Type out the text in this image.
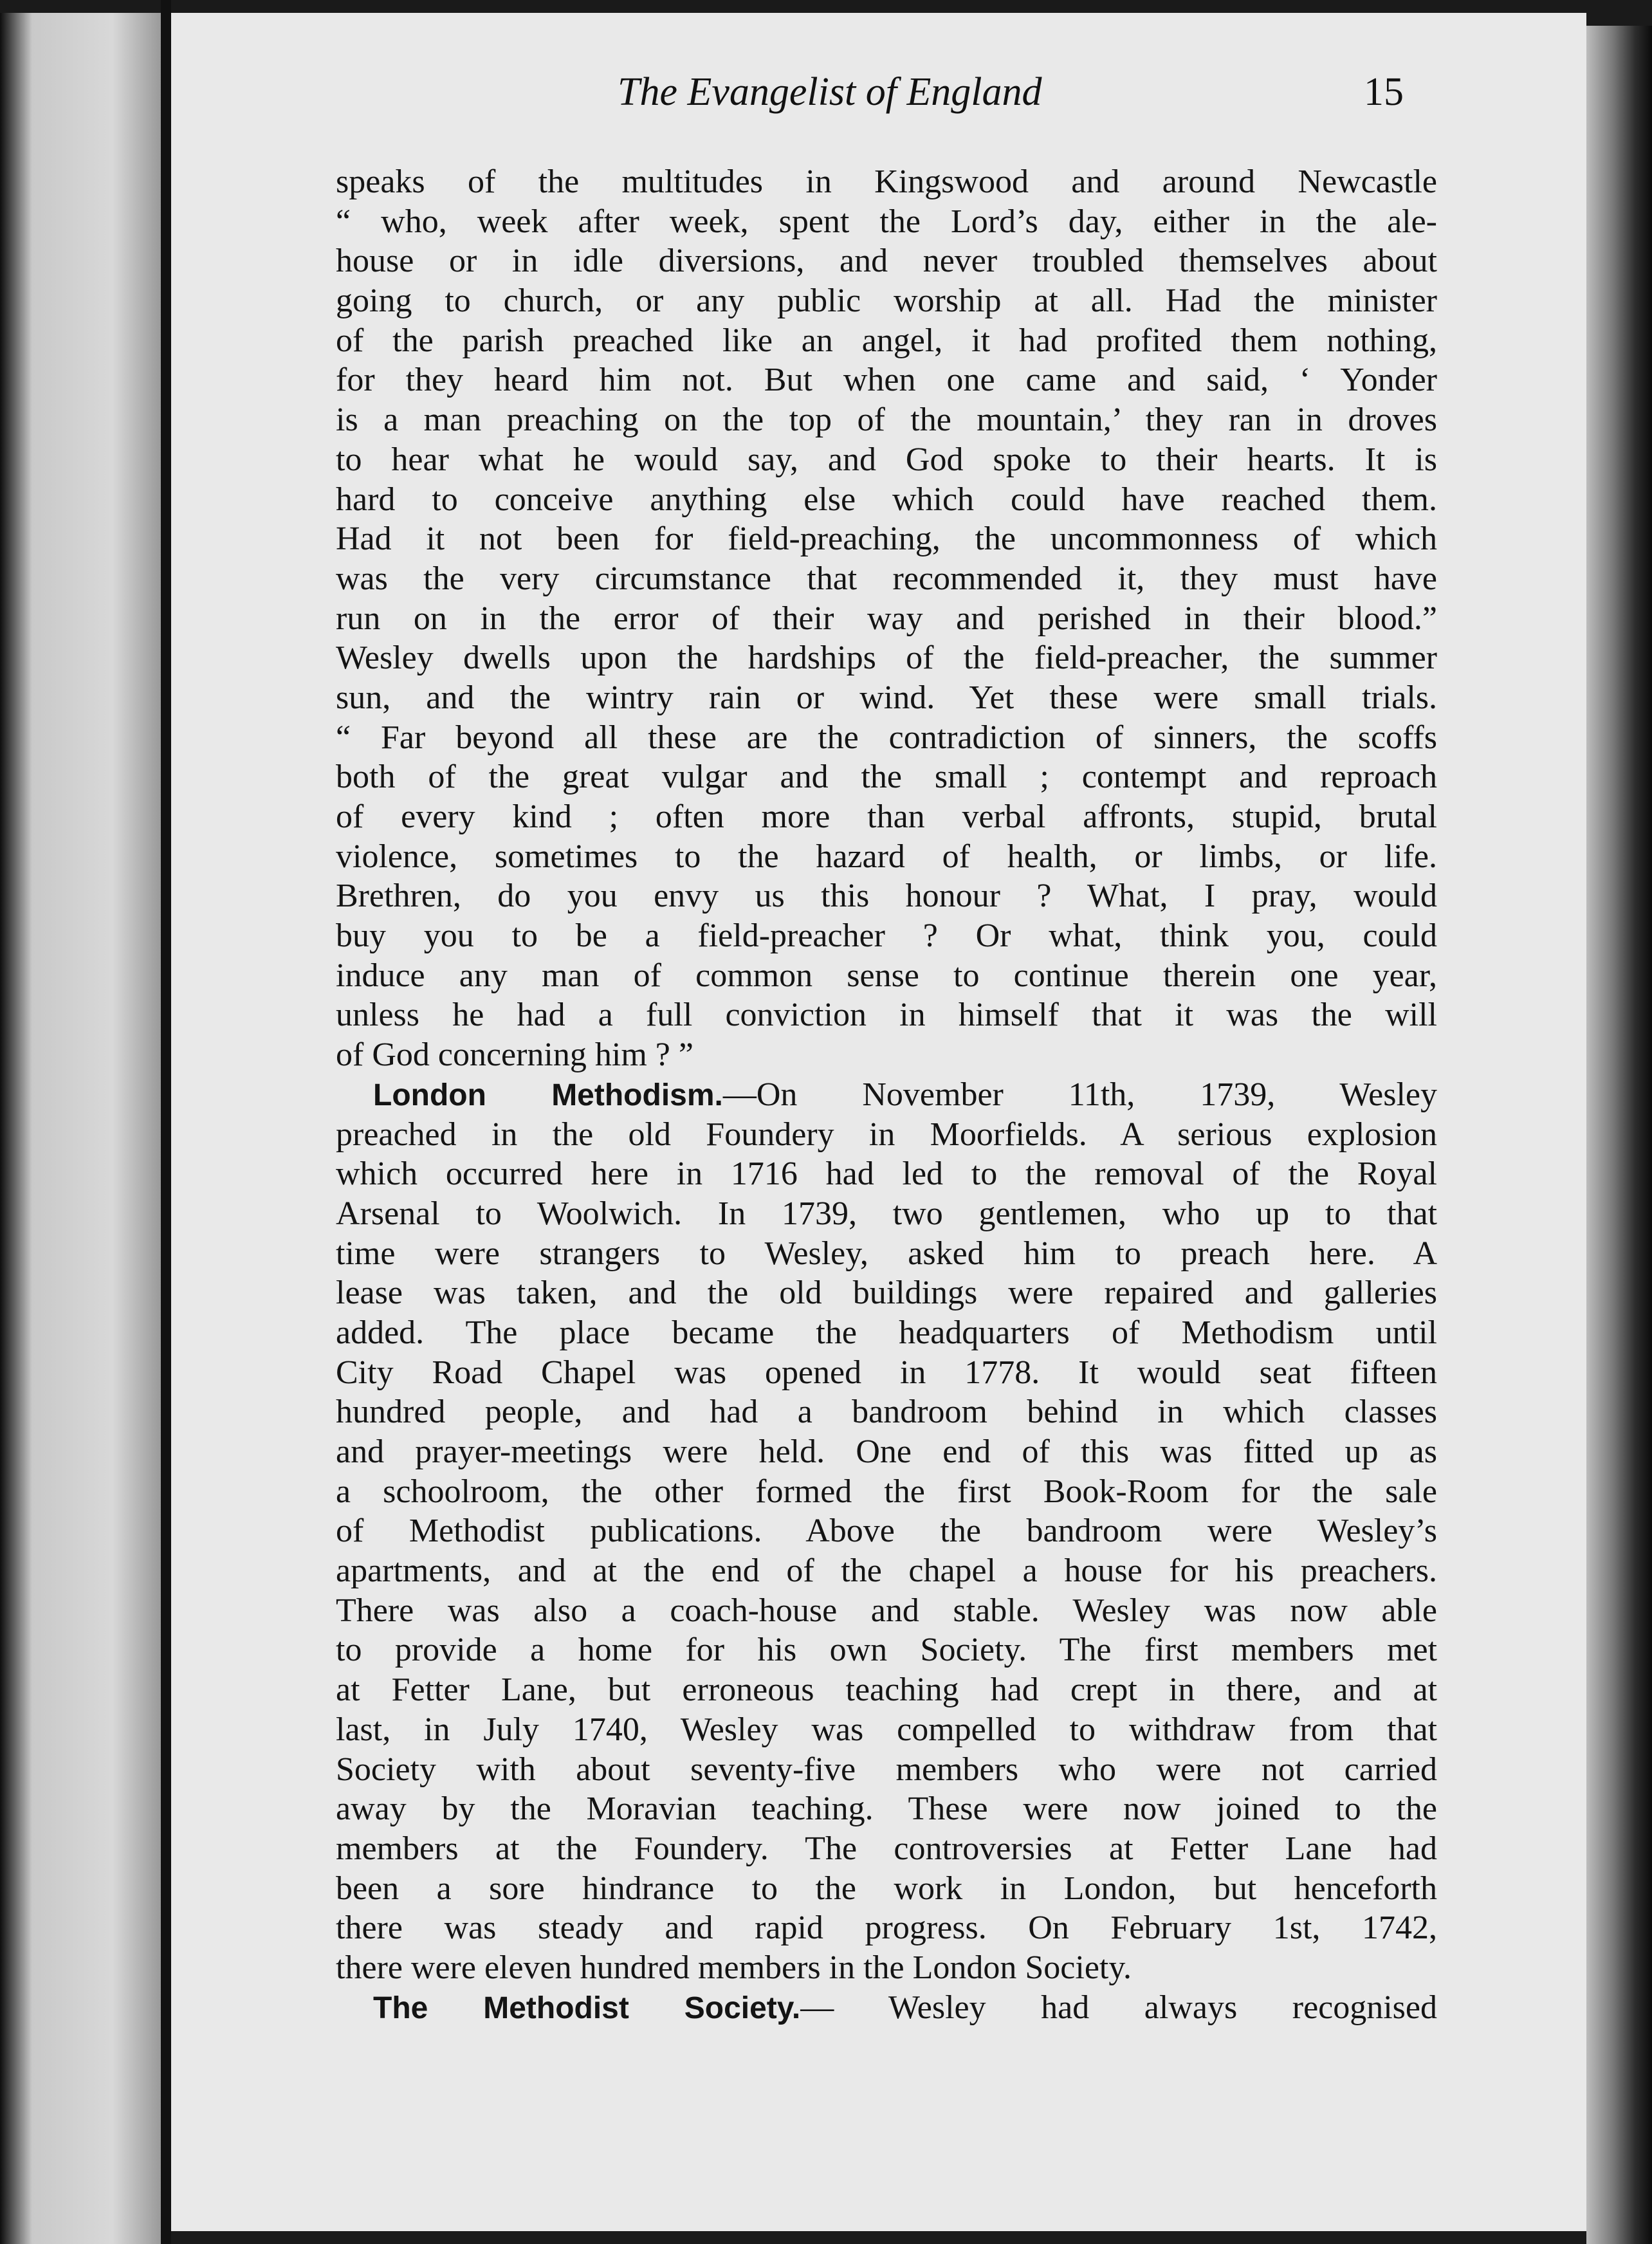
The Evangelist of England	15
speaks of the multitudes in Kingswood and around Newcastle
“ who, week after week, spent the Lord’s day, either in the ale-
house or in idle diversions, and never troubled themselves about
going to church, or any public worship at all. Had the minister
of the parish preached like an angel, it had profited them nothing,
for they heard him not. But when one came and said, ‘ Yonder
is a man preaching on the top of the mountain,’ they ran in droves
to hear what he would say, and God spoke to their hearts. It is
hard to conceive anything else which could have reached them.
Had it not been for field-preaching, the uncommonness of which
was the very circumstance that recommended it, they must have
run on in the error of their way and perished in their blood.”
Wesley dwells upon the hardships of the field-preacher, the summer
sun, and the wintry rain or wind. Yet these were small trials.
“ Far beyond all these are the contradiction of sinners, the scoffs
both of the great vulgar and the small ; contempt and reproach
of every kind ; often more than verbal affronts, stupid, brutal
violence, sometimes to the hazard of health, or limbs, or life.
Brethren, do you envy us this honour ? What, I pray, would
buy you to be a field-preacher ? Or what, think you, could
induce any man of common sense to continue therein one year,
unless he had a full conviction in himself that it was the will
of God concerning him ? ”
London Methodism.—On November 11th, 1739, Wesley
preached in the old Foundery in Moorfields. A serious explosion
which occurred here in 1716 had led to the removal of the Royal
Arsenal to Woolwich. In 1739, two gentlemen, who up to that
time were strangers to Wesley, asked him to preach here. A
lease was taken, and the old buildings were repaired and galleries
added. The place became the headquarters of Methodism until
City Road Chapel was opened in 1778. It would seat fifteen
hundred people, and had a bandroom behind in which classes
and prayer-meetings were held. One end of this was fitted up as
a schoolroom, the other formed the first Book-Room for the sale
of Methodist publications. Above the bandroom were Wesley’s
apartments, and at the end of the chapel a house for his preachers.
There was also a coach-house and stable. Wesley was now able
to provide a home for his own Society. The first members met
at Fetter Lane, but erroneous teaching had crept in there, and at
last, in July 1740, Wesley was compelled to withdraw from that
Society with about seventy-five members who were not carried
away by the Moravian teaching. These were now joined to the
members at the Foundery. The controversies at Fetter Lane had
been a sore hindrance to the work in London, but henceforth
there was steady and rapid progress. On February 1st, 1742,
there were eleven hundred members in the London Society.
The Methodist Society.— Wesley had always recognised
